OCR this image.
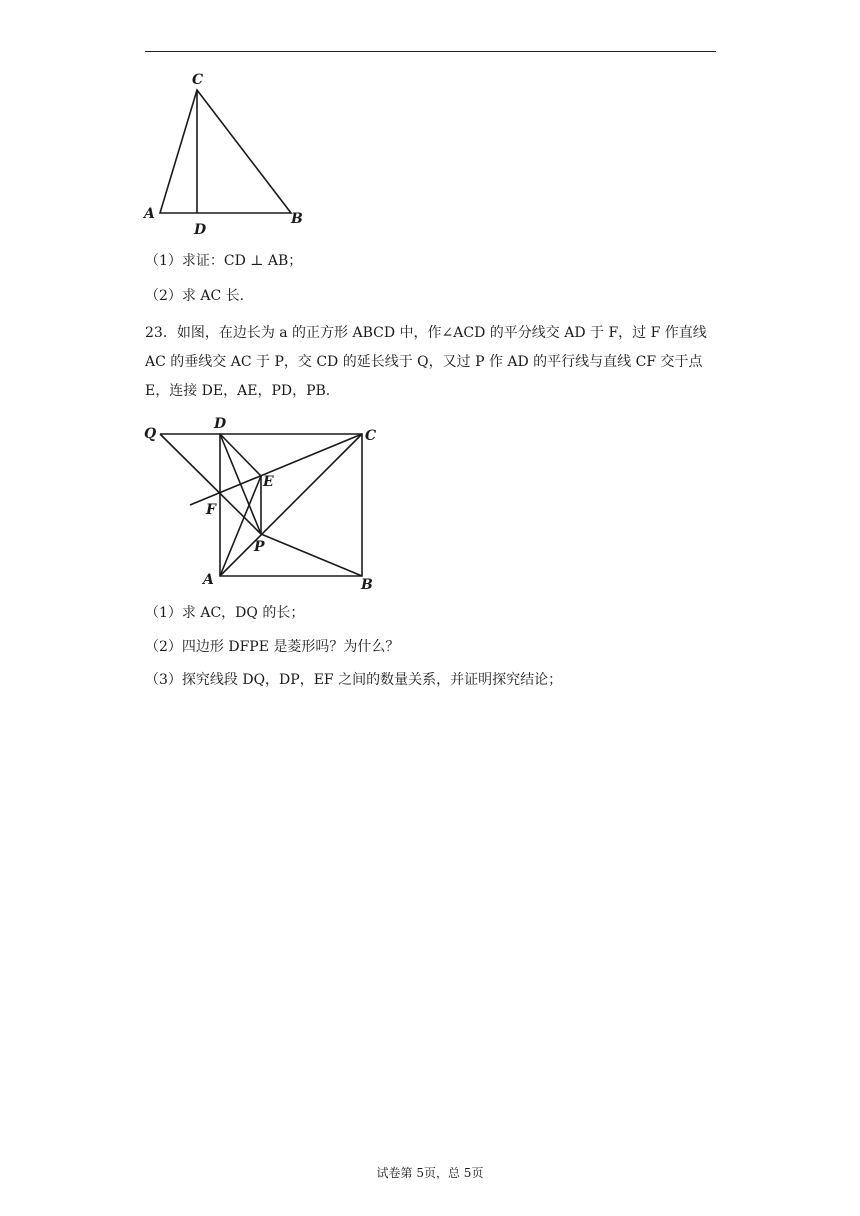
C
A
D
B
（1）求证：CD ⊥ AB；
（2）求 AC 长.
23．如图，在边长为 a 的正方形 ABCD 中，作∠ACD 的平分线交 AD 于 F，过 F 作直线
AC 的垂线交 AC 于 P，交 CD 的延长线于 Q，又过 P 作 AD 的平行线与直线 CF 交于点
E，连接 DE，AE，PD，PB.
Q
D
C
E
F
P
A	B
（1）求 AC，DQ 的长；
（2）四边形 DFPE 是菱形吗？为什么？
（3）探究线段 DQ，DP，EF 之间的数量关系，并证明探究结论；
试卷第 5页，总 5页
